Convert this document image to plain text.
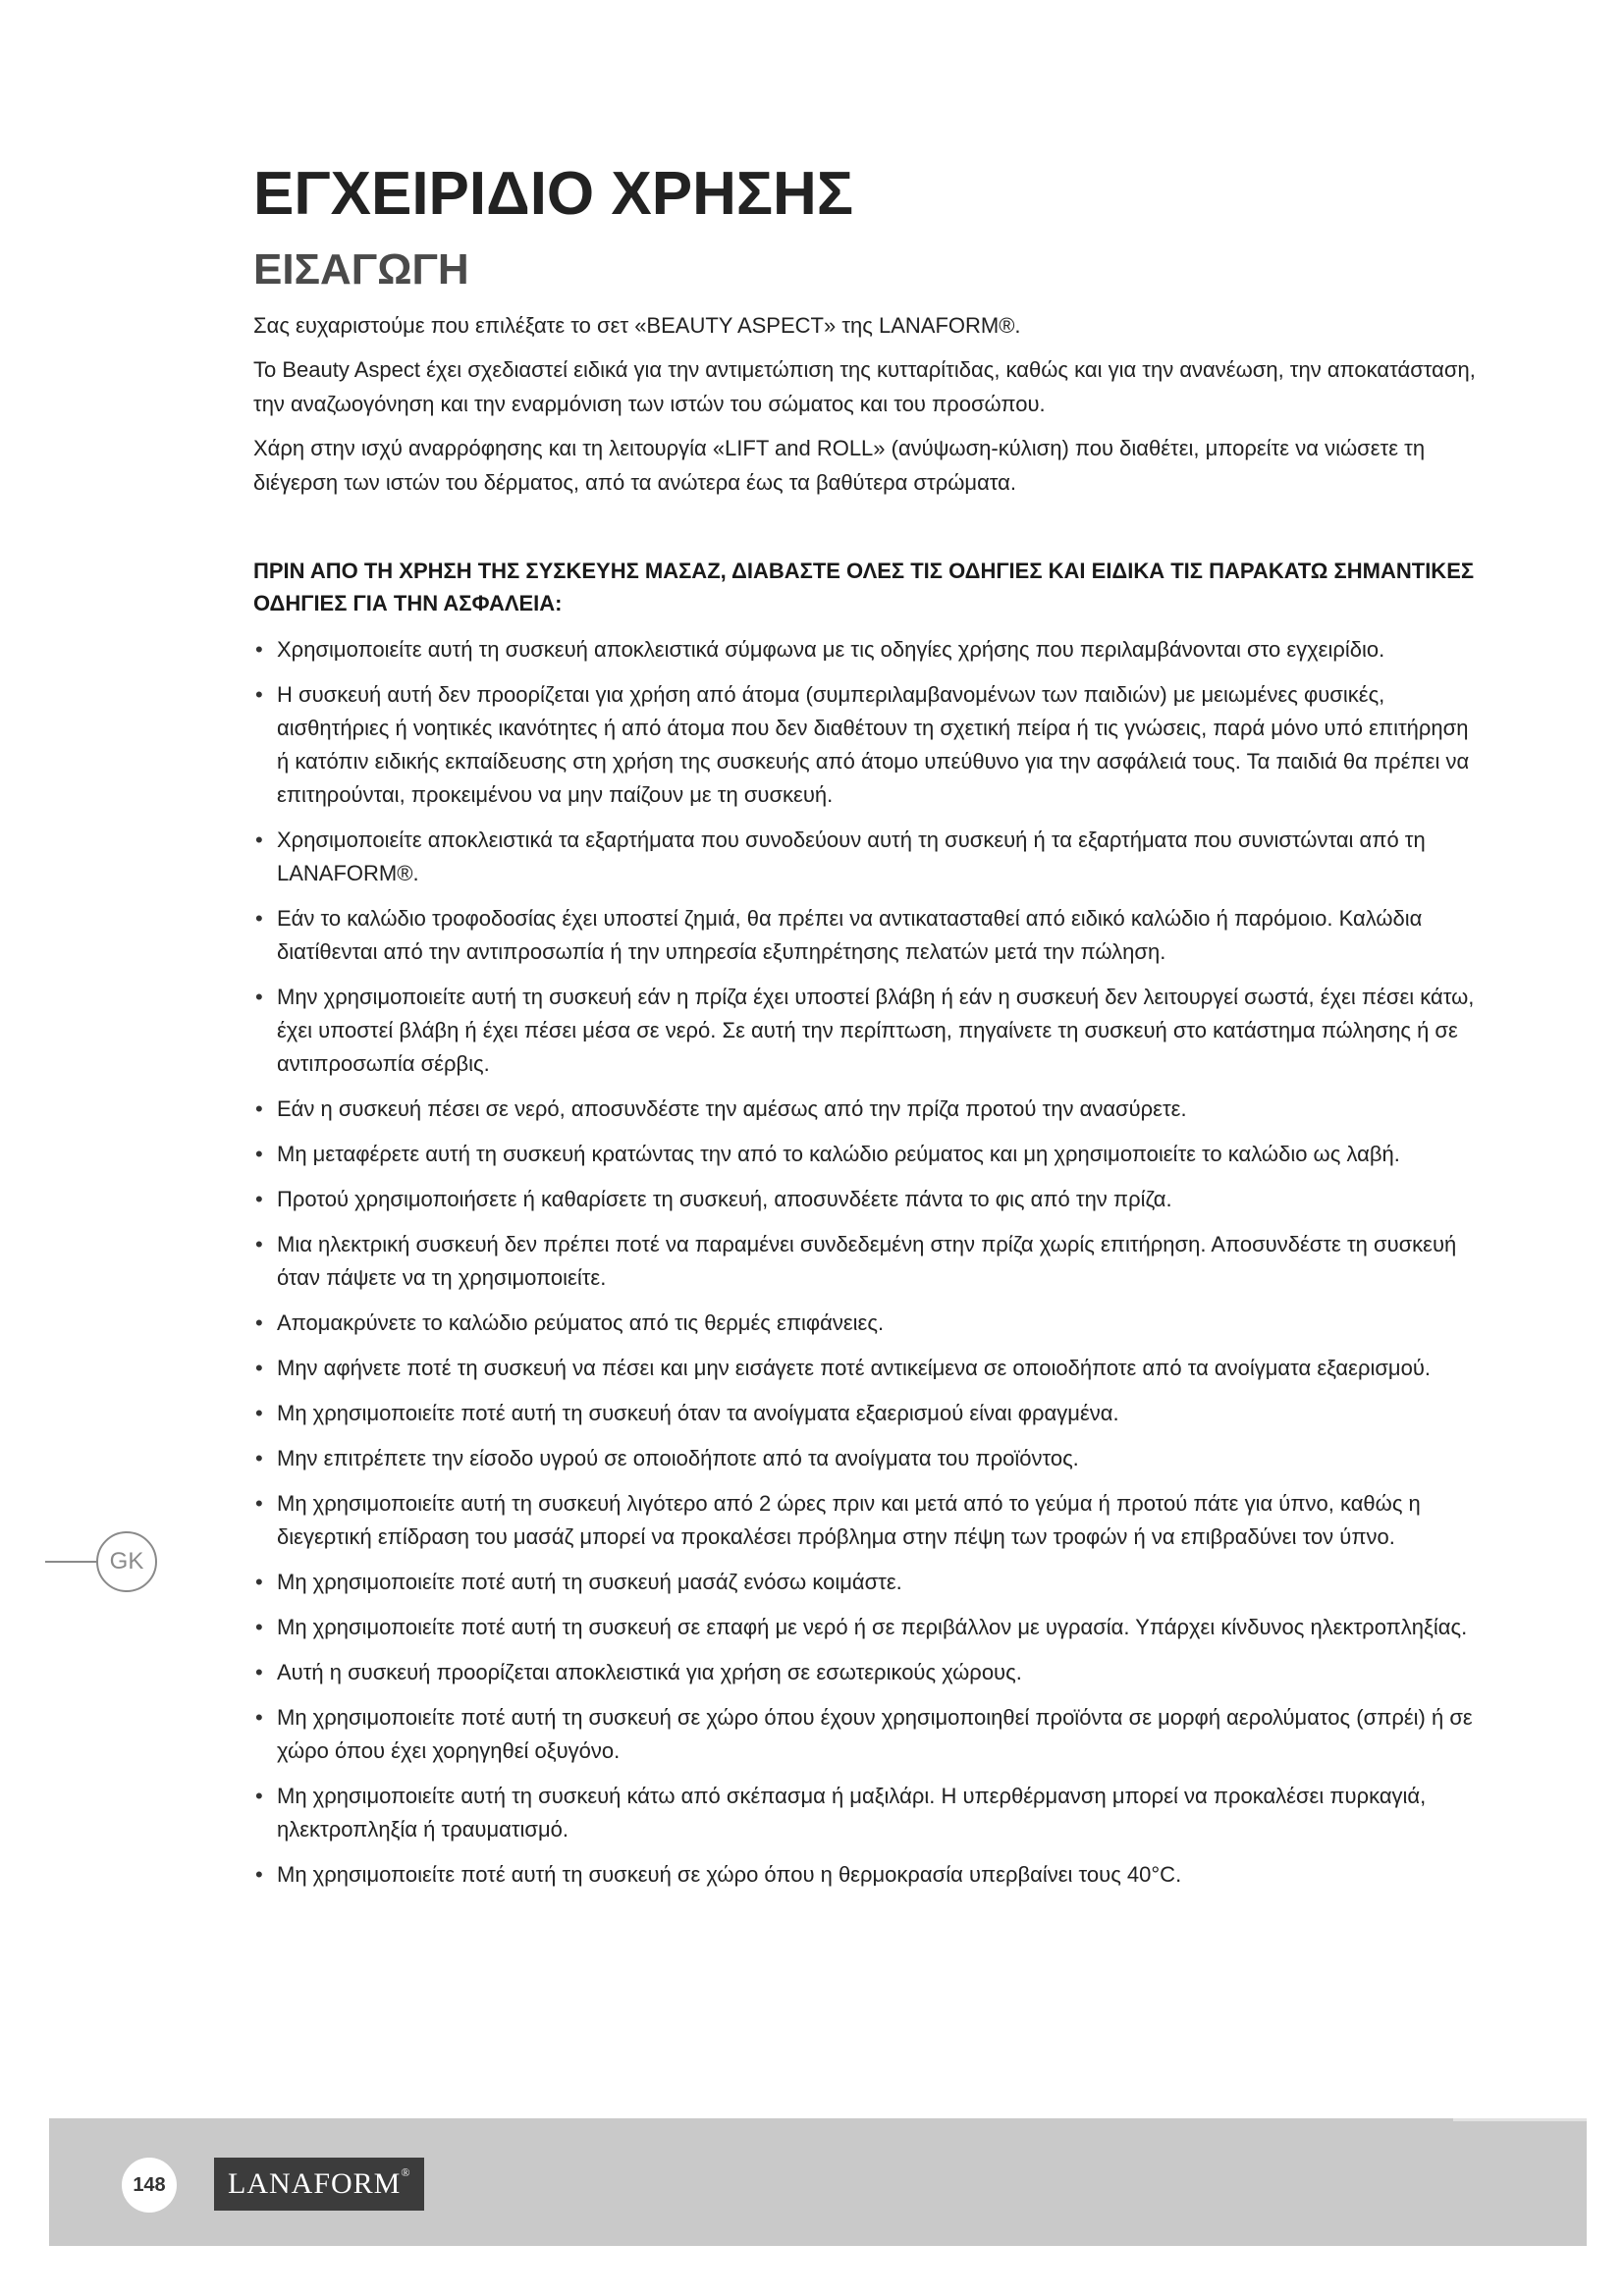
ΕΓΧΕΙΡΙΔΙΟ ΧΡΗΣΗΣ
ΕΙΣΑΓΩΓΗ

Σας ευχαριστούμε που επιλέξατε το σετ «BEAUTY ASPECT» της LANAFORM®.

Το Beauty Aspect έχει σχεδιαστεί ειδικά για την αντιμετώπιση της κυτταρίτιδας, καθώς και για την ανανέωση, την αποκατάσταση, την αναζωογόνηση και την εναρμόνιση των ιστών του σώματος και του προσώπου.

Χάρη στην ισχύ αναρρόφησης και τη λειτουργία «LIFT and ROLL» (ανύψωση-κύλιση) που διαθέτει, μπορείτε να νιώσετε τη διέγερση των ιστών του δέρματος, από τα ανώτερα έως τα βαθύτερα στρώματα.

ΠΡΙΝ ΑΠΟ ΤΗ ΧΡΗΣΗ ΤΗΣ ΣΥΣΚΕΥΗΣ ΜΑΣΑΖ, ΔΙΑΒΑΣΤΕ ΟΛΕΣ ΤΙΣ ΟΔΗΓΙΕΣ ΚΑΙ ΕΙΔΙΚΑ ΤΙΣ ΠΑΡΑΚΑΤΩ ΣΗΜΑΝΤΙΚΕΣ ΟΔΗΓΙΕΣ ΓΙΑ ΤΗΝ ΑΣΦΑΛΕΙΑ:

• Χρησιμοποιείτε αυτή τη συσκευή αποκλειστικά σύμφωνα με τις οδηγίες χρήσης που περιλαμβάνονται στο εγχειρίδιο.
• Η συσκευή αυτή δεν προορίζεται για χρήση από άτομα (συμπεριλαμβανομένων των παιδιών) με μειωμένες φυσικές, αισθητήριες ή νοητικές ικανότητες ή από άτομα που δεν διαθέτουν τη σχετική πείρα ή τις γνώσεις, παρά μόνο υπό επιτήρηση ή κατόπιν ειδικής εκπαίδευσης στη χρήση της συσκευής από άτομο υπεύθυνο για την ασφάλειά τους. Τα παιδιά θα πρέπει να επιτηρούνται, προκειμένου να μην παίζουν με τη συσκευή.
• Χρησιμοποιείτε αποκλειστικά τα εξαρτήματα που συνοδεύουν αυτή τη συσκευή ή τα εξαρτήματα που συνιστώνται από τη LANAFORM®.
• Εάν το καλώδιο τροφοδοσίας έχει υποστεί ζημιά, θα πρέπει να αντικατασταθεί από ειδικό καλώδιο ή παρόμοιο. Καλώδια διατίθενται από την αντιπροσωπία ή την υπηρεσία εξυπηρέτησης πελατών μετά την πώληση.
• Μην χρησιμοποιείτε αυτή τη συσκευή εάν η πρίζα έχει υποστεί βλάβη ή εάν η συσκευή δεν λειτουργεί σωστά, έχει πέσει κάτω, έχει υποστεί βλάβη ή έχει πέσει μέσα σε νερό. Σε αυτή την περίπτωση, πηγαίνετε τη συσκευή στο κατάστημα πώλησης ή σε αντιπροσωπία σέρβις.
• Εάν η συσκευή πέσει σε νερό, αποσυνδέστε την αμέσως από την πρίζα προτού την ανασύρετε.
• Μη μεταφέρετε αυτή τη συσκευή κρατώντας την από το καλώδιο ρεύματος και μη χρησιμοποιείτε το καλώδιο ως λαβή.
• Προτού χρησιμοποιήσετε ή καθαρίσετε τη συσκευή, αποσυνδέετε πάντα το φις από την πρίζα.
• Μια ηλεκτρική συσκευή δεν πρέπει ποτέ να παραμένει συνδεδεμένη στην πρίζα χωρίς επιτήρηση. Αποσυνδέστε τη συσκευή όταν πάψετε να τη χρησιμοποιείτε.
• Απομακρύνετε το καλώδιο ρεύματος από τις θερμές επιφάνειες.
• Μην αφήνετε ποτέ τη συσκευή να πέσει και μην εισάγετε ποτέ αντικείμενα σε οποιοδήποτε από τα ανοίγματα εξαερισμού.
• Μη χρησιμοποιείτε ποτέ αυτή τη συσκευή όταν τα ανοίγματα εξαερισμού είναι φραγμένα.
• Μην επιτρέπετε την είσοδο υγρού σε οποιοδήποτε από τα ανοίγματα του προϊόντος.
• Μη χρησιμοποιείτε αυτή τη συσκευή λιγότερο από 2 ώρες πριν και μετά από το γεύμα ή προτού πάτε για ύπνο, καθώς η διεγερτική επίδραση του μασάζ μπορεί να προκαλέσει πρόβλημα στην πέψη των τροφών ή να επιβραδύνει τον ύπνο.
• Μη χρησιμοποιείτε ποτέ αυτή τη συσκευή μασάζ ενόσω κοιμάστε.
• Μη χρησιμοποιείτε ποτέ αυτή τη συσκευή σε επαφή με νερό ή σε περιβάλλον με υγρασία. Υπάρχει κίνδυνος ηλεκτροπληξίας.
• Αυτή η συσκευή προορίζεται αποκλειστικά για χρήση σε εσωτερικούς χώρους.
• Μη χρησιμοποιείτε ποτέ αυτή τη συσκευή σε χώρο όπου έχουν χρησιμοποιηθεί προϊόντα σε μορφή αερολύματος (σπρέι) ή σε χώρο όπου έχει χορηγηθεί οξυγόνο.
• Μη χρησιμοποιείτε αυτή τη συσκευή κάτω από σκέπασμα ή μαξιλάρι. Η υπερθέρμανση μπορεί να προκαλέσει πυρκαγιά, ηλεκτροπληξία ή τραυματισμό.
• Μη χρησιμοποιείτε ποτέ αυτή τη συσκευή σε χώρο όπου η θερμοκρασία υπερβαίνει τους 40°C.
GK
148	LANAFORM®
